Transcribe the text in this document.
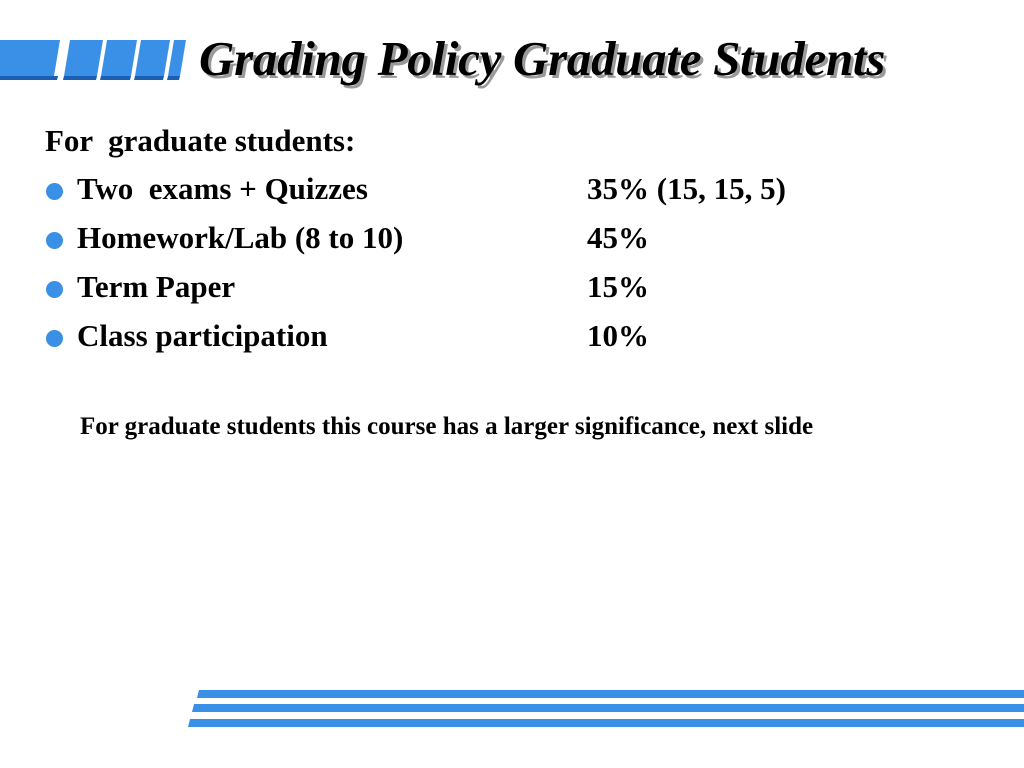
Grading Policy Graduate Students
For  graduate students:
Two  exams + Quizzes	35% (15, 15, 5)
Homework/Lab (8 to 10)	45%
Term Paper	15%
Class participation	10%
For graduate students this course has a larger significance, next slide
